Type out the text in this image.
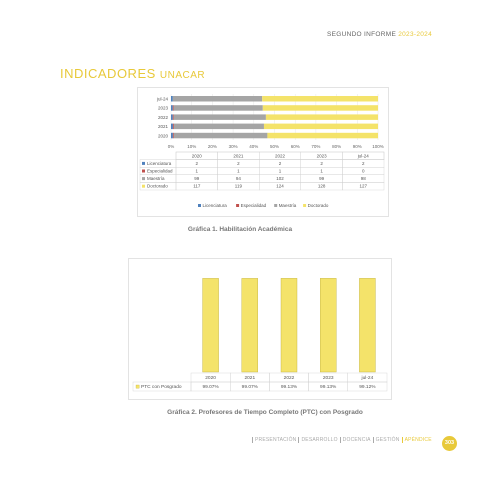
SEGUNDO INFORME 2023-2024
INDICADORES UNACAR
0%	10%	20%	30%	40%	50%	60%	70%	80%	90% 100%
jul-24
2023
2022
2021
2020
2020	2021	2022	2023	jul-24
Licenciatura	2	2	2	2	2
Especialidad	1	1	1	1	0
Maestría	99	94	102	99	98
Doctorado	117	119	124	128	127
Licenciatura	Especialidad	Maestría	Doctorado
Gráfica 1. Habilitación Académica
2020	2021	2022	2023	jul-24
PTC con Posgrado	99.07%	99.07%	99.13%	99.13%	99.12%
Gráfica 2. Profesores de Tiempo Completo (PTC) con Posgrado
PRESENTACIÓN	DESARROLLO	DOCENCIA	GESTIÓN	APÉNDICE	303
